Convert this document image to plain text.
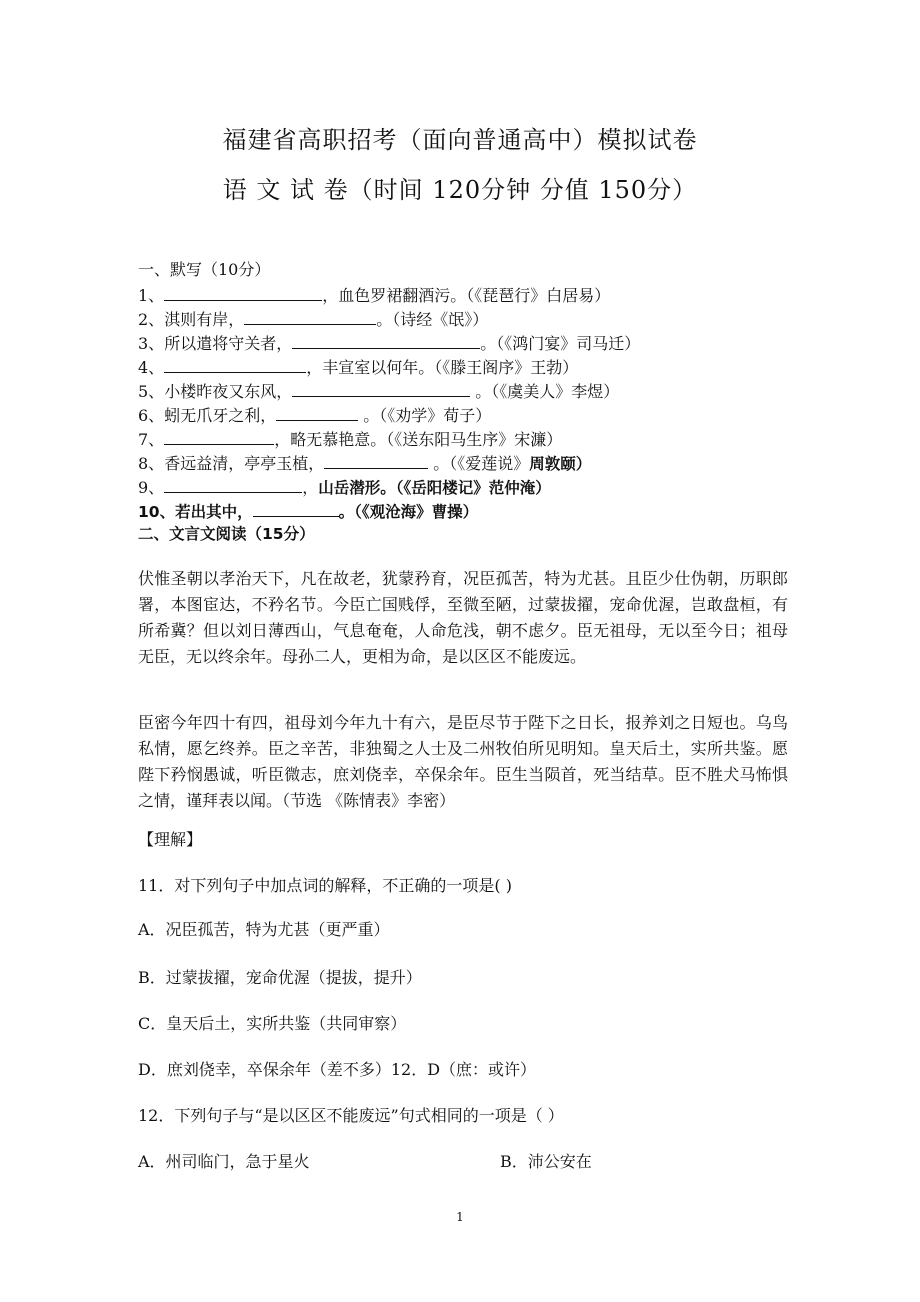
福建省高职招考（面向普通高中）模拟试卷
语 文 试 卷（时间 120分钟 分值 150分）
一、默写（10分）
1、	，血色罗裙翻酒污。（《琵琶行》白居易）
2、淇则有岸，	。（诗经《氓》）
3、所以遣将守关者，	。（《鸿门宴》司马迁）
4、	，丰宣室以何年。（《滕王阁序》王勃）
5、小楼昨夜又东风，	。（《虞美人》李煜）
6、蚓无爪牙之利，	。（《劝学》荀子）
7、	，略无慕艳意。（《送东阳马生序》宋濂）
8、香远益清，亭亭玉植，	。（《爱莲说》周敦颐）
9、	，山岳潜形。（《岳阳楼记》范仲淹）
10、若出其中，	。（《观沧海》曹操）
二、文言文阅读（15分）
伏惟圣朝以孝治天下，凡在故老，犹蒙矜育，况臣孤苦，特为尤甚。且臣少仕伪朝，历职郎署，本图宦达，不矜名节。今臣亡国贱俘，至微至陋，过蒙拔擢，宠命优渥，岂敢盘桓，有所希冀？但以刘日薄西山，气息奄奄，人命危浅，朝不虑夕。臣无祖母，无以至今日；祖母无臣，无以终余年。母孙二人，更相为命，是以区区不能废远。
臣密今年四十有四，祖母刘今年九十有六，是臣尽节于陛下之日长，报养刘之日短也。乌鸟私情，愿乞终养。臣之辛苦，非独蜀之人士及二州牧伯所见明知。皇天后土，实所共鉴。愿陛下矜悯愚诚，听臣微志，庶刘侥幸，卒保余年。臣生当陨首，死当结草。臣不胜犬马怖惧之情，谨拜表以闻。（节选 《陈情表》李密）
【理解】
11．对下列句子中加点词的解释，不正确的一项是( )
A．况臣孤苦，特为尤甚（更严重）
B．过蒙拔擢，宠命优渥（提拔，提升）
C．皇天后土，实所共鉴（共同审察）
D．庶刘侥幸，卒保余年（差不多）12．D（庶：或许）
12．下列句子与“是以区区不能废远”句式相同的一项是（ ）
A．州司临门，急于星火	B．沛公安在
1
